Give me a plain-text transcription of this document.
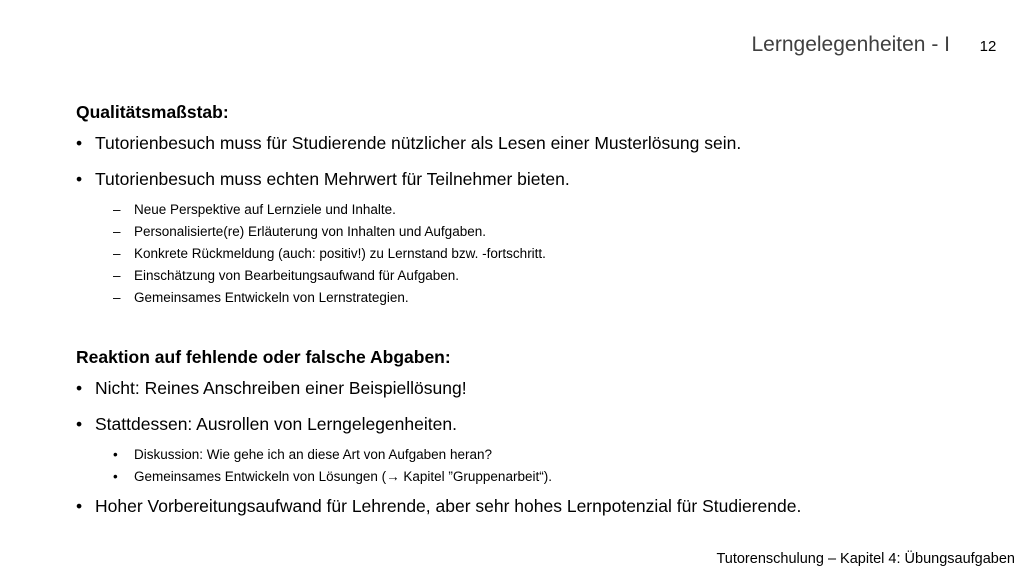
Lerngelegenheiten - I	12
Qualitätsmaßstab:
• Tutorienbesuch muss für Studierende nützlicher als Lesen einer Musterlösung sein.
• Tutorienbesuch muss echten Mehrwert für Teilnehmer bieten.
– Neue Perspektive auf Lernziele und Inhalte.
– Personalisierte(re) Erläuterung von Inhalten und Aufgaben.
– Konkrete Rückmeldung (auch: positiv!) zu Lernstand bzw. -fortschritt.
– Einschätzung von Bearbeitungsaufwand für Aufgaben.
– Gemeinsames Entwickeln von Lernstrategien.
Reaktion auf fehlende oder falsche Abgaben:
• Nicht: Reines Anschreiben einer Beispiellösung!
• Stattdessen: Ausrollen von Lerngelegenheiten.
• Diskussion: Wie gehe ich an diese Art von Aufgaben heran?
• Gemeinsames Entwickeln von Lösungen (→ Kapitel ”Gruppenarbeit“).
• Hoher Vorbereitungsaufwand für Lehrende, aber sehr hohes Lernpotenzial für Studierende.
Tutorenschulung – Kapitel 4: Übungsaufgaben
